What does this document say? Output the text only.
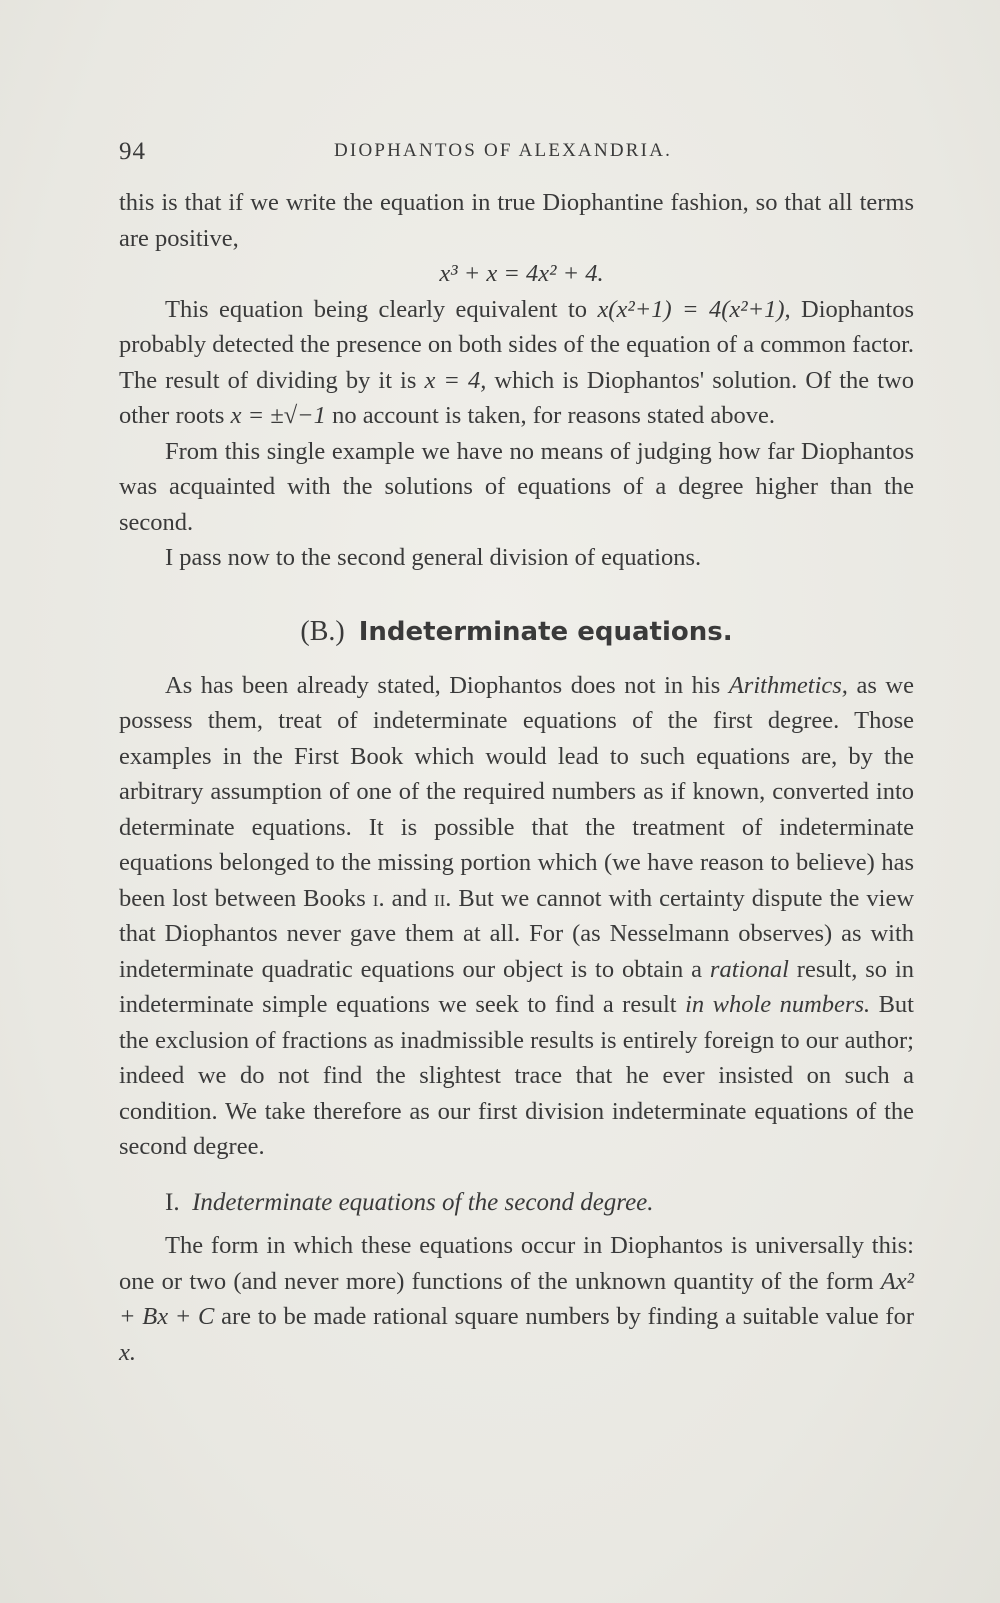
94	DIOPHANTOS OF ALEXANDRIA.

this is that if we write the equation in true Diophantine fashion, so that all terms are positive,

x³ + x = 4x² + 4.

This equation being clearly equivalent to x(x²+1) = 4(x²+1), Diophantos probably detected the presence on both sides of the equation of a common factor. The result of dividing by it is x = 4, which is Diophantos' solution. Of the two other roots x = ±√−1 no account is taken, for reasons stated above.

From this single example we have no means of judging how far Diophantos was acquainted with the solutions of equations of a degree higher than the second.

I pass now to the second general division of equations.

(B.) Indeterminate equations.

As has been already stated, Diophantos does not in his Arithmetics, as we possess them, treat of indeterminate equations of the first degree. Those examples in the First Book which would lead to such equations are, by the arbitrary assumption of one of the required numbers as if known, converted into determinate equations. It is possible that the treatment of indeterminate equations belonged to the missing portion which (we have reason to believe) has been lost between Books i. and ii. But we cannot with certainty dispute the view that Diophantos never gave them at all. For (as Nesselmann observes) as with indeterminate quadratic equations our object is to obtain a rational result, so in indeterminate simple equations we seek to find a result in whole numbers. But the exclusion of fractions as inadmissible results is entirely foreign to our author; indeed we do not find the slightest trace that he ever insisted on such a condition. We take therefore as our first division indeterminate equations of the second degree.

I. Indeterminate equations of the second degree.

The form in which these equations occur in Diophantos is universally this: one or two (and never more) functions of the unknown quantity of the form Ax² + Bx + C are to be made rational square numbers by finding a suitable value for x.
